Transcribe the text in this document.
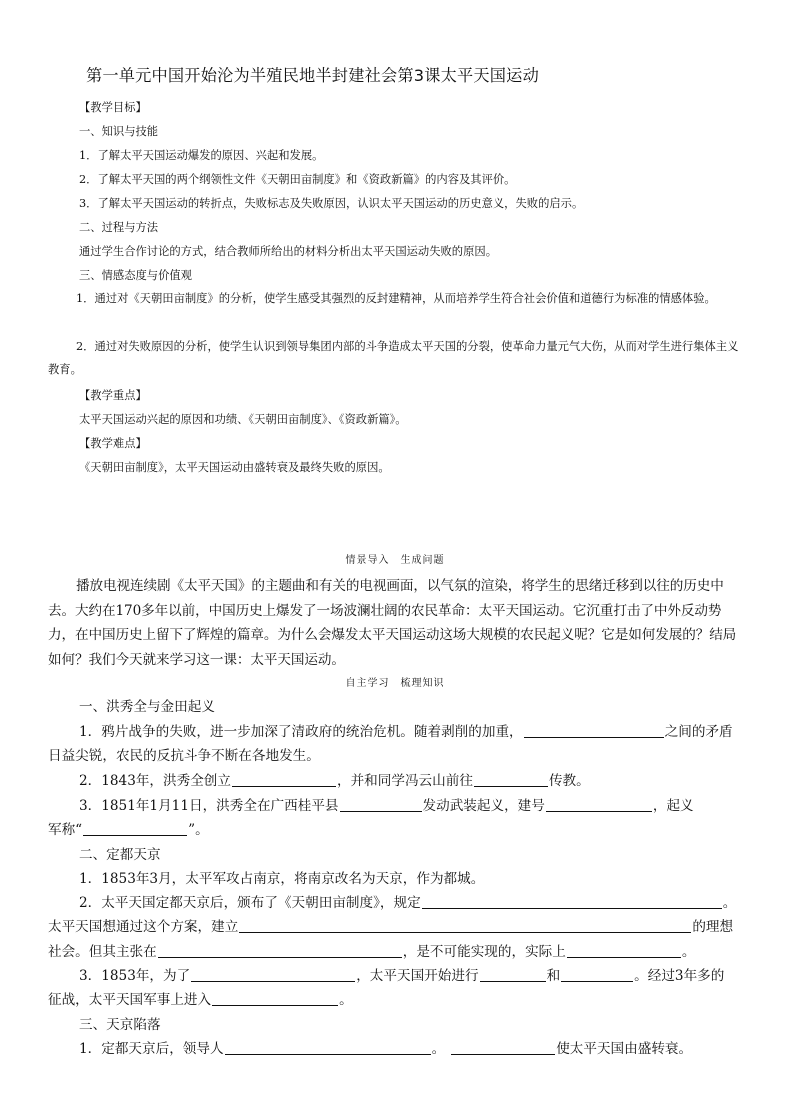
第一单元中国开始沦为半殖民地半封建社会第3课太平天国运动
【教学目标】
一、知识与技能
1．了解太平天国运动爆发的原因、兴起和发展。
2．了解太平天国的两个纲领性文件《天朝田亩制度》和《资政新篇》的内容及其评价。
3．了解太平天国运动的转折点，失败标志及失败原因，认识太平天国运动的历史意义，失败的启示。
二、过程与方法
通过学生合作讨论的方式，结合教师所给出的材料分析出太平天国运动失败的原因。
三、情感态度与价值观
1．通过对《天朝田亩制度》的分析，使学生感受其强烈的反封建精神，从而培养学生符合社会价值和道德行为标准的情感体验。
2．通过对失败原因的分析，使学生认识到领导集团内部的斗争造成太平天国的分裂，使革命力量元气大伤，从而对学生进行集体主义教育。
【教学重点】
太平天国运动兴起的原因和功绩、《天朝田亩制度》、《资政新篇》。
【教学难点】
《天朝田亩制度》，太平天国运动由盛转衰及最终失败的原因。
情景导入　生成问题
播放电视连续剧《太平天国》的主题曲和有关的电视画面，以气氛的渲染，将学生的思绪迁移到以往的历史中去。大约在170多年以前，中国历史上爆发了一场波澜壮阔的农民革命：太平天国运动。它沉重打击了中外反动势力，在中国历史上留下了辉煌的篇章。为什么会爆发太平天国运动这场大规模的农民起义呢？它是如何发展的？结局如何？我们今天就来学习这一课：太平天国运动。
自主学习　梳理知识
一、洪秀全与金田起义
1．鸦片战争的失败，进一步加深了清政府的统治危机。随着剥削的加重，	之间的矛盾
日益尖锐，农民的反抗斗争不断在各地发生。
2．1843年，洪秀全创立	，并和同学冯云山前往	传教。
3．1851年1月11日，洪秀全在广西桂平县	发动武装起义，建号	，起义
军称“	”。
二、定都天京
1．1853年3月，太平军攻占南京，将南京改名为天京，作为都城。
2．太平天国定都天京后，颁布了《天朝田亩制度》，规定	。
太平天国想通过这个方案，建立	的理想
社会。但其主张在	，是不可能实现的，实际上	。
3．1853年，为了	，太平天国开始进行	和	。经过3年多的
征战，太平天国军事上进入	。
三、天京陷落
1．定都天京后，领导人	。	使太平天国由盛转衰。
